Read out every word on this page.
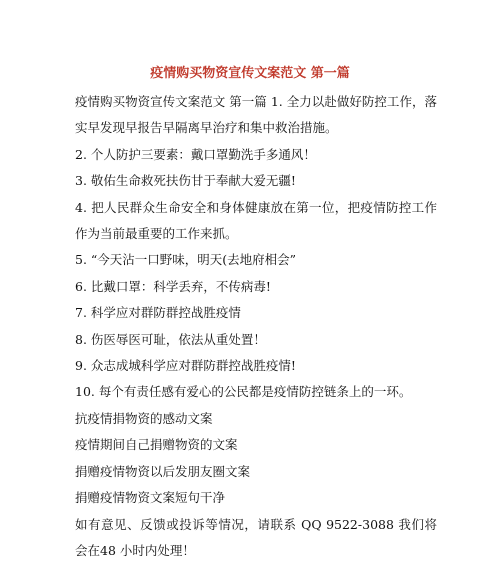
疫情购买物资宣传文案范文 第一篇

疫情购买物资宣传文案范文 第一篇 1. 全力以赴做好防控工作，落实早发现早报告早隔离早治疗和集中救治措施。

2. 个人防护三要素：戴口罩勤洗手多通风！

3. 敬佑生命救死扶伤甘于奉献大爱无疆!

4. 把人民群众生命安全和身体健康放在第一位，把疫情防控工作作为当前最重要的工作来抓。

5. “今天沾一口野味，明天(去地府相会”

6. 比戴口罩：科学丢弃，不传病毒!

7. 科学应对群防群控战胜疫情

8. 伤医辱医可耻，依法从重处置！

9. 众志成城科学应对群防群控战胜疫情!

10. 每个有责任感有爱心的公民都是疫情防控链条上的一环。

抗疫情捐物资的感动文案

疫情期间自己捐赠物资的文案

捐赠疫情物资以后发朋友圈文案

捐赠疫情物资文案短句干净

如有意见、反馈或投诉等情况，请联系 QQ 9522-3088 我们将会在48 小时内处理！
